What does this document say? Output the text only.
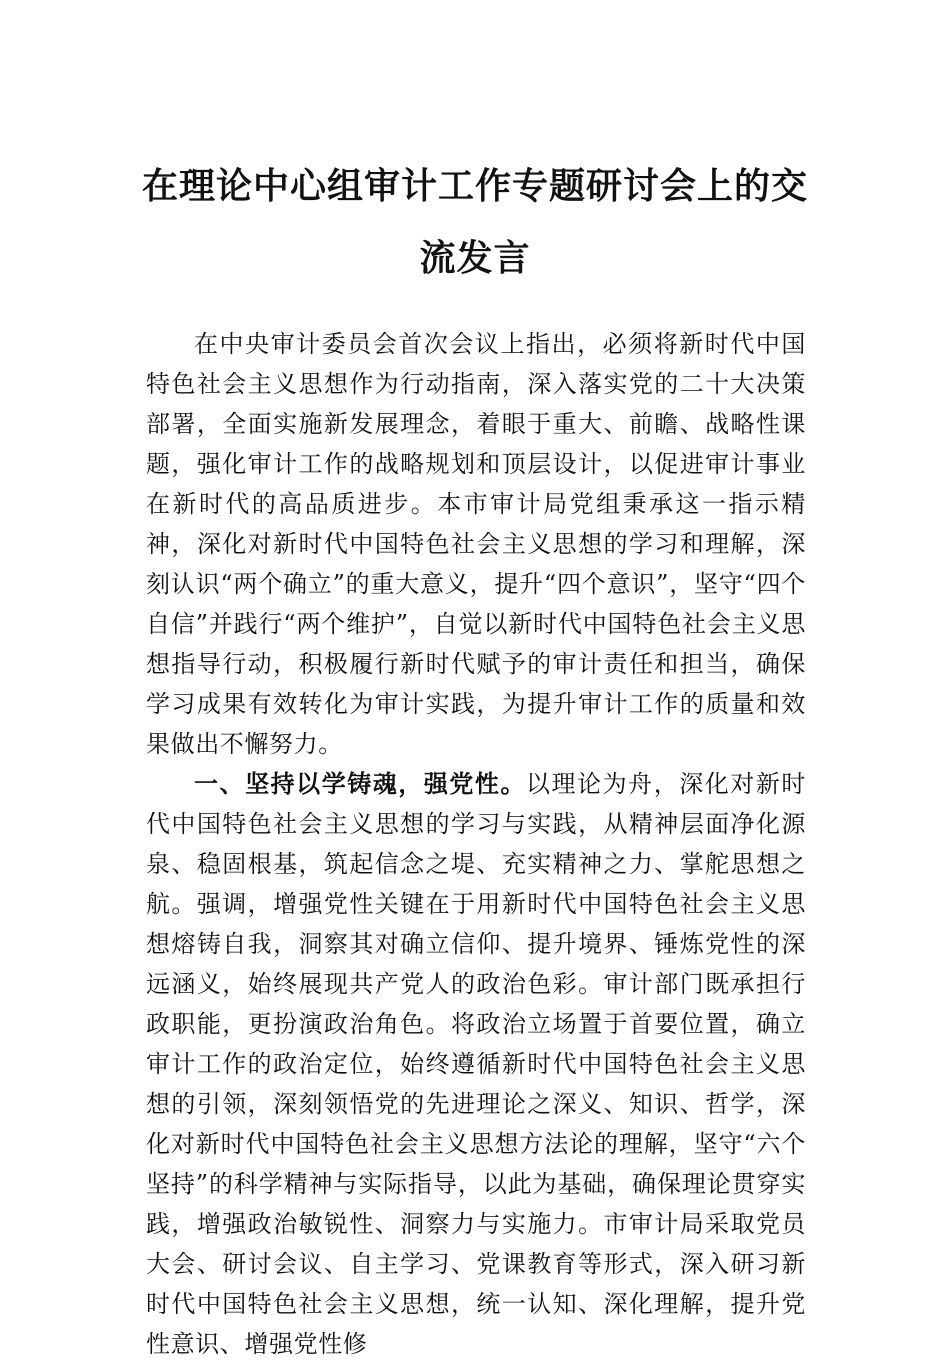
在理论中心组审计工作专题研讨会上的交流发言

在中央审计委员会首次会议上指出，必须将新时代中国特色社会主义思想作为行动指南，深入落实党的二十大决策部署，全面实施新发展理念，着眼于重大、前瞻、战略性课题，强化审计工作的战略规划和顶层设计，以促进审计事业在新时代的高品质进步。本市审计局党组秉承这一指示精神，深化对新时代中国特色社会主义思想的学习和理解，深刻认识“两个确立”的重大意义，提升“四个意识”，坚守“四个自信”并践行“两个维护”，自觉以新时代中国特色社会主义思想指导行动，积极履行新时代赋予的审计责任和担当，确保学习成果有效转化为审计实践，为提升审计工作的质量和效果做出不懈努力。

一、坚持以学铸魂，强党性。以理论为舟，深化对新时代中国特色社会主义思想的学习与实践，从精神层面净化源泉、稳固根基，筑起信念之堤、充实精神之力、掌舵思想之航。强调，增强党性关键在于用新时代中国特色社会主义思想熔铸自我，洞察其对确立信仰、提升境界、锤炼党性的深远涵义，始终展现共产党人的政治色彩。审计部门既承担行政职能，更扮演政治角色。将政治立场置于首要位置，确立审计工作的政治定位，始终遵循新时代中国特色社会主义思想的引领，深刻领悟党的先进理论之深义、知识、哲学，深化对新时代中国特色社会主义思想方法论的理解，坚守“六个坚持”的科学精神与实际指导，以此为基础，确保理论贯穿实践，增强政治敏锐性、洞察力与实施力。市审计局采取党员大会、研讨会议、自主学习、党课教育等形式，深入研习新时代中国特色社会主义思想，统一认知、深化理解，提升党性意识、增强党性修
